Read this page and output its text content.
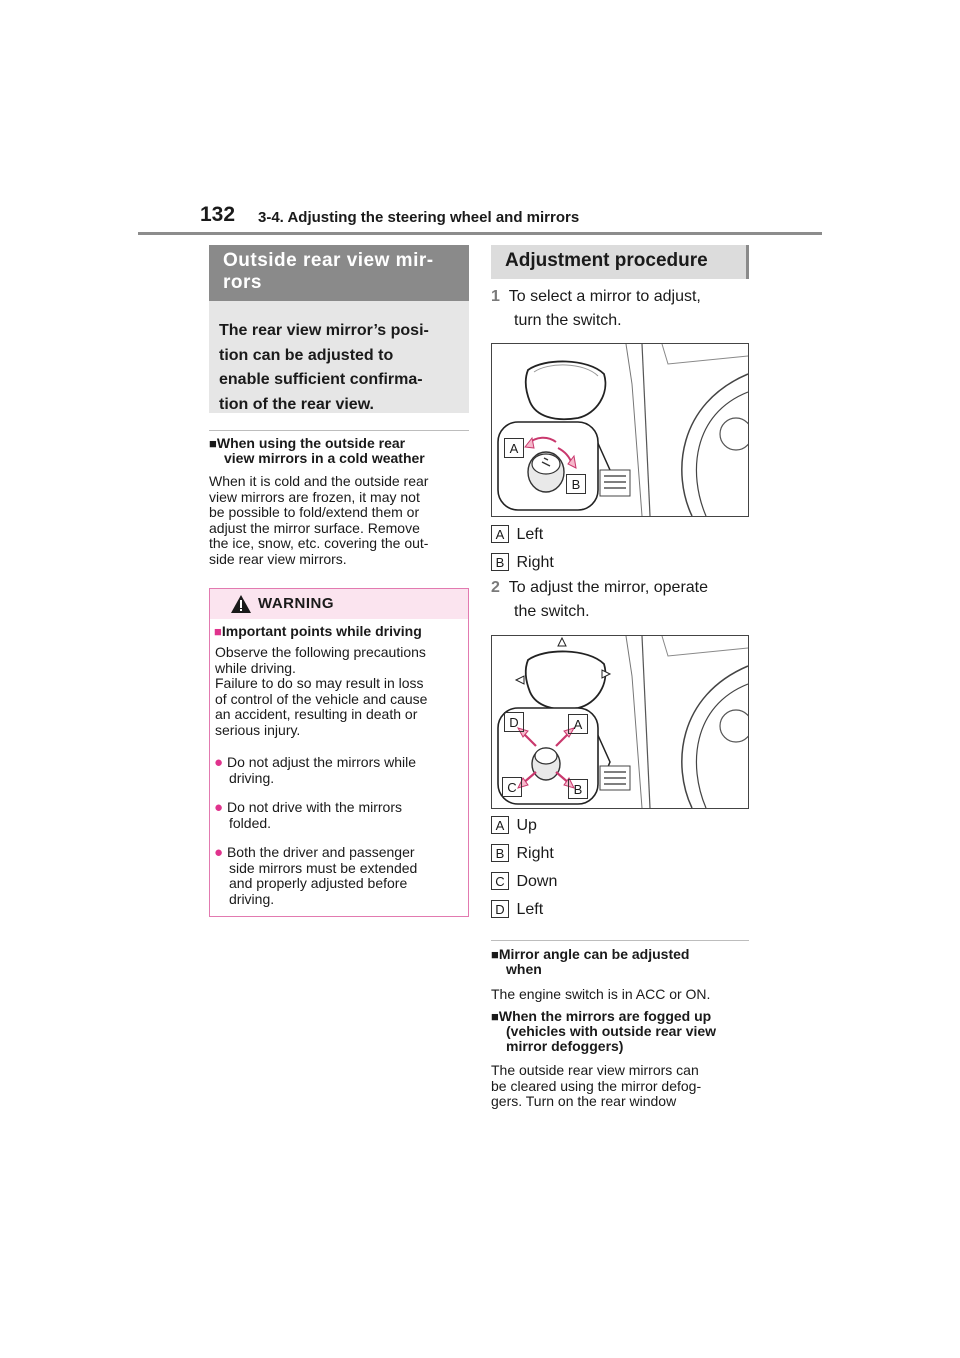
132 3-4. Adjusting the steering wheel and mirrors
Outside rear view mir-
rors
The rear view mirror’s posi-
tion can be adjusted to
enable sufficient confirma-
tion of the rear view.
■When using the outside rear
view mirrors in a cold weather
When it is cold and the outside rear
view mirrors are frozen, it may not
be possible to fold/extend them or
adjust the mirror surface. Remove
the ice, snow, etc. covering the out-
side rear view mirrors.
WARNING
■Important points while driving
Observe the following precautions
while driving.
Failure to do so may result in loss
of control of the vehicle and cause
an accident, resulting in death or
serious injury.
● Do not adjust the mirrors while
driving.
● Do not drive with the mirrors
folded.
● Both the driver and passenger
side mirrors must be extended
and properly adjusted before
driving.
Adjustment procedure
1 To select a mirror to adjust,
turn the switch.
A
B
A Left
B Right
2 To adjust the mirror, operate
the switch.
D	A
C	B
A Up
B Right
C Down
D Left
■Mirror angle can be adjusted
when
The engine switch is in ACC or ON.
■When the mirrors are fogged up
(vehicles with outside rear view
mirror defoggers)
The outside rear view mirrors can
be cleared using the mirror defog-
gers. Turn on the rear window
